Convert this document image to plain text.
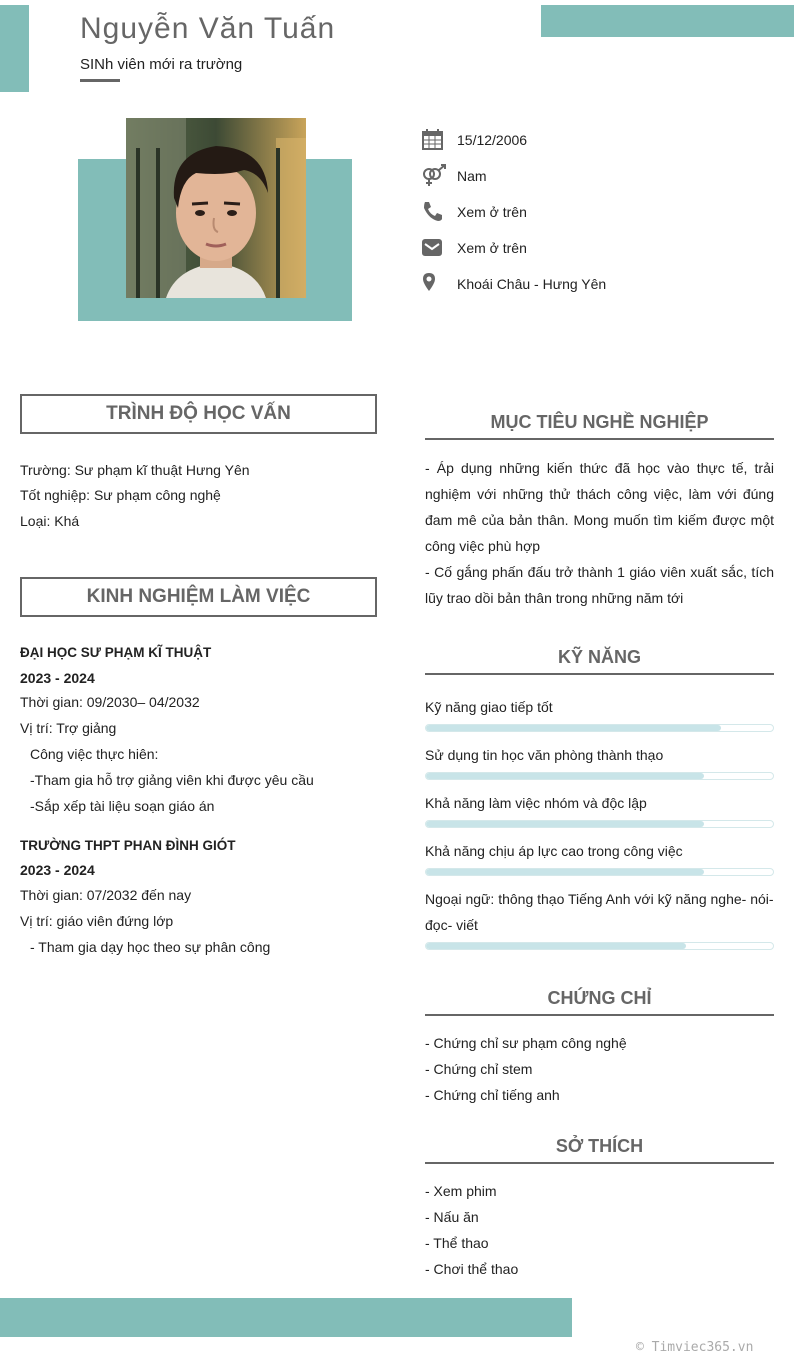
Nguyễn Văn Tuấn
SINh viên mới ra trường
15/12/2006
Nam
Xem ở trên
Xem ở trên
Khoái Châu - Hưng Yên
TRÌNH ĐỘ HỌC VẤN
Trường: Sư phạm kĩ thuật Hưng Yên
Tốt nghiệp: Sư phạm công nghệ
Loại: Khá
KINH NGHIỆM LÀM VIỆC
ĐẠI HỌC SƯ PHẠM KĨ THUẬT
2023 - 2024
Thời gian: 09/2030– 04/2032
Vị trí: Trợ giảng
Công việc thực hiên:
-Tham gia hỗ trợ giảng viên khi được yêu cầu
-Sắp xếp tài liệu soạn giáo án
TRƯỜNG THPT PHAN ĐÌNH GIÓT
2023 - 2024
Thời gian: 07/2032 đến nay
Vị trí: giáo viên đứng lớp
- Tham gia dạy học theo sự phân công
MỤC TIÊU NGHỀ NGHIỆP
- Áp dụng những kiến thức đã học vào thực tế, trải nghiệm với những thử thách công việc, làm với đúng đam mê của bản thân. Mong muốn tìm kiếm được một công việc phù hợp
- Cố gắng phấn đấu trở thành 1 giáo viên xuất sắc, tích lũy trao dồi bản thân trong những năm tới
KỸ NĂNG
Kỹ năng giao tiếp tốt
Sử dụng tin học văn phòng thành thạo
Khả năng làm việc nhóm và độc lập
Khả năng chịu áp lực cao trong công việc
Ngoại ngữ: thông thạo Tiếng Anh với kỹ năng nghe- nói-
đọc- viết
CHỨNG CHỈ
- Chứng chỉ sư phạm công nghệ
- Chứng chỉ stem
- Chứng chỉ tiếng anh
SỞ THÍCH
- Xem phim
- Nấu ăn
- Thể thao
- Chơi thể thao
© Timviec365.vn
